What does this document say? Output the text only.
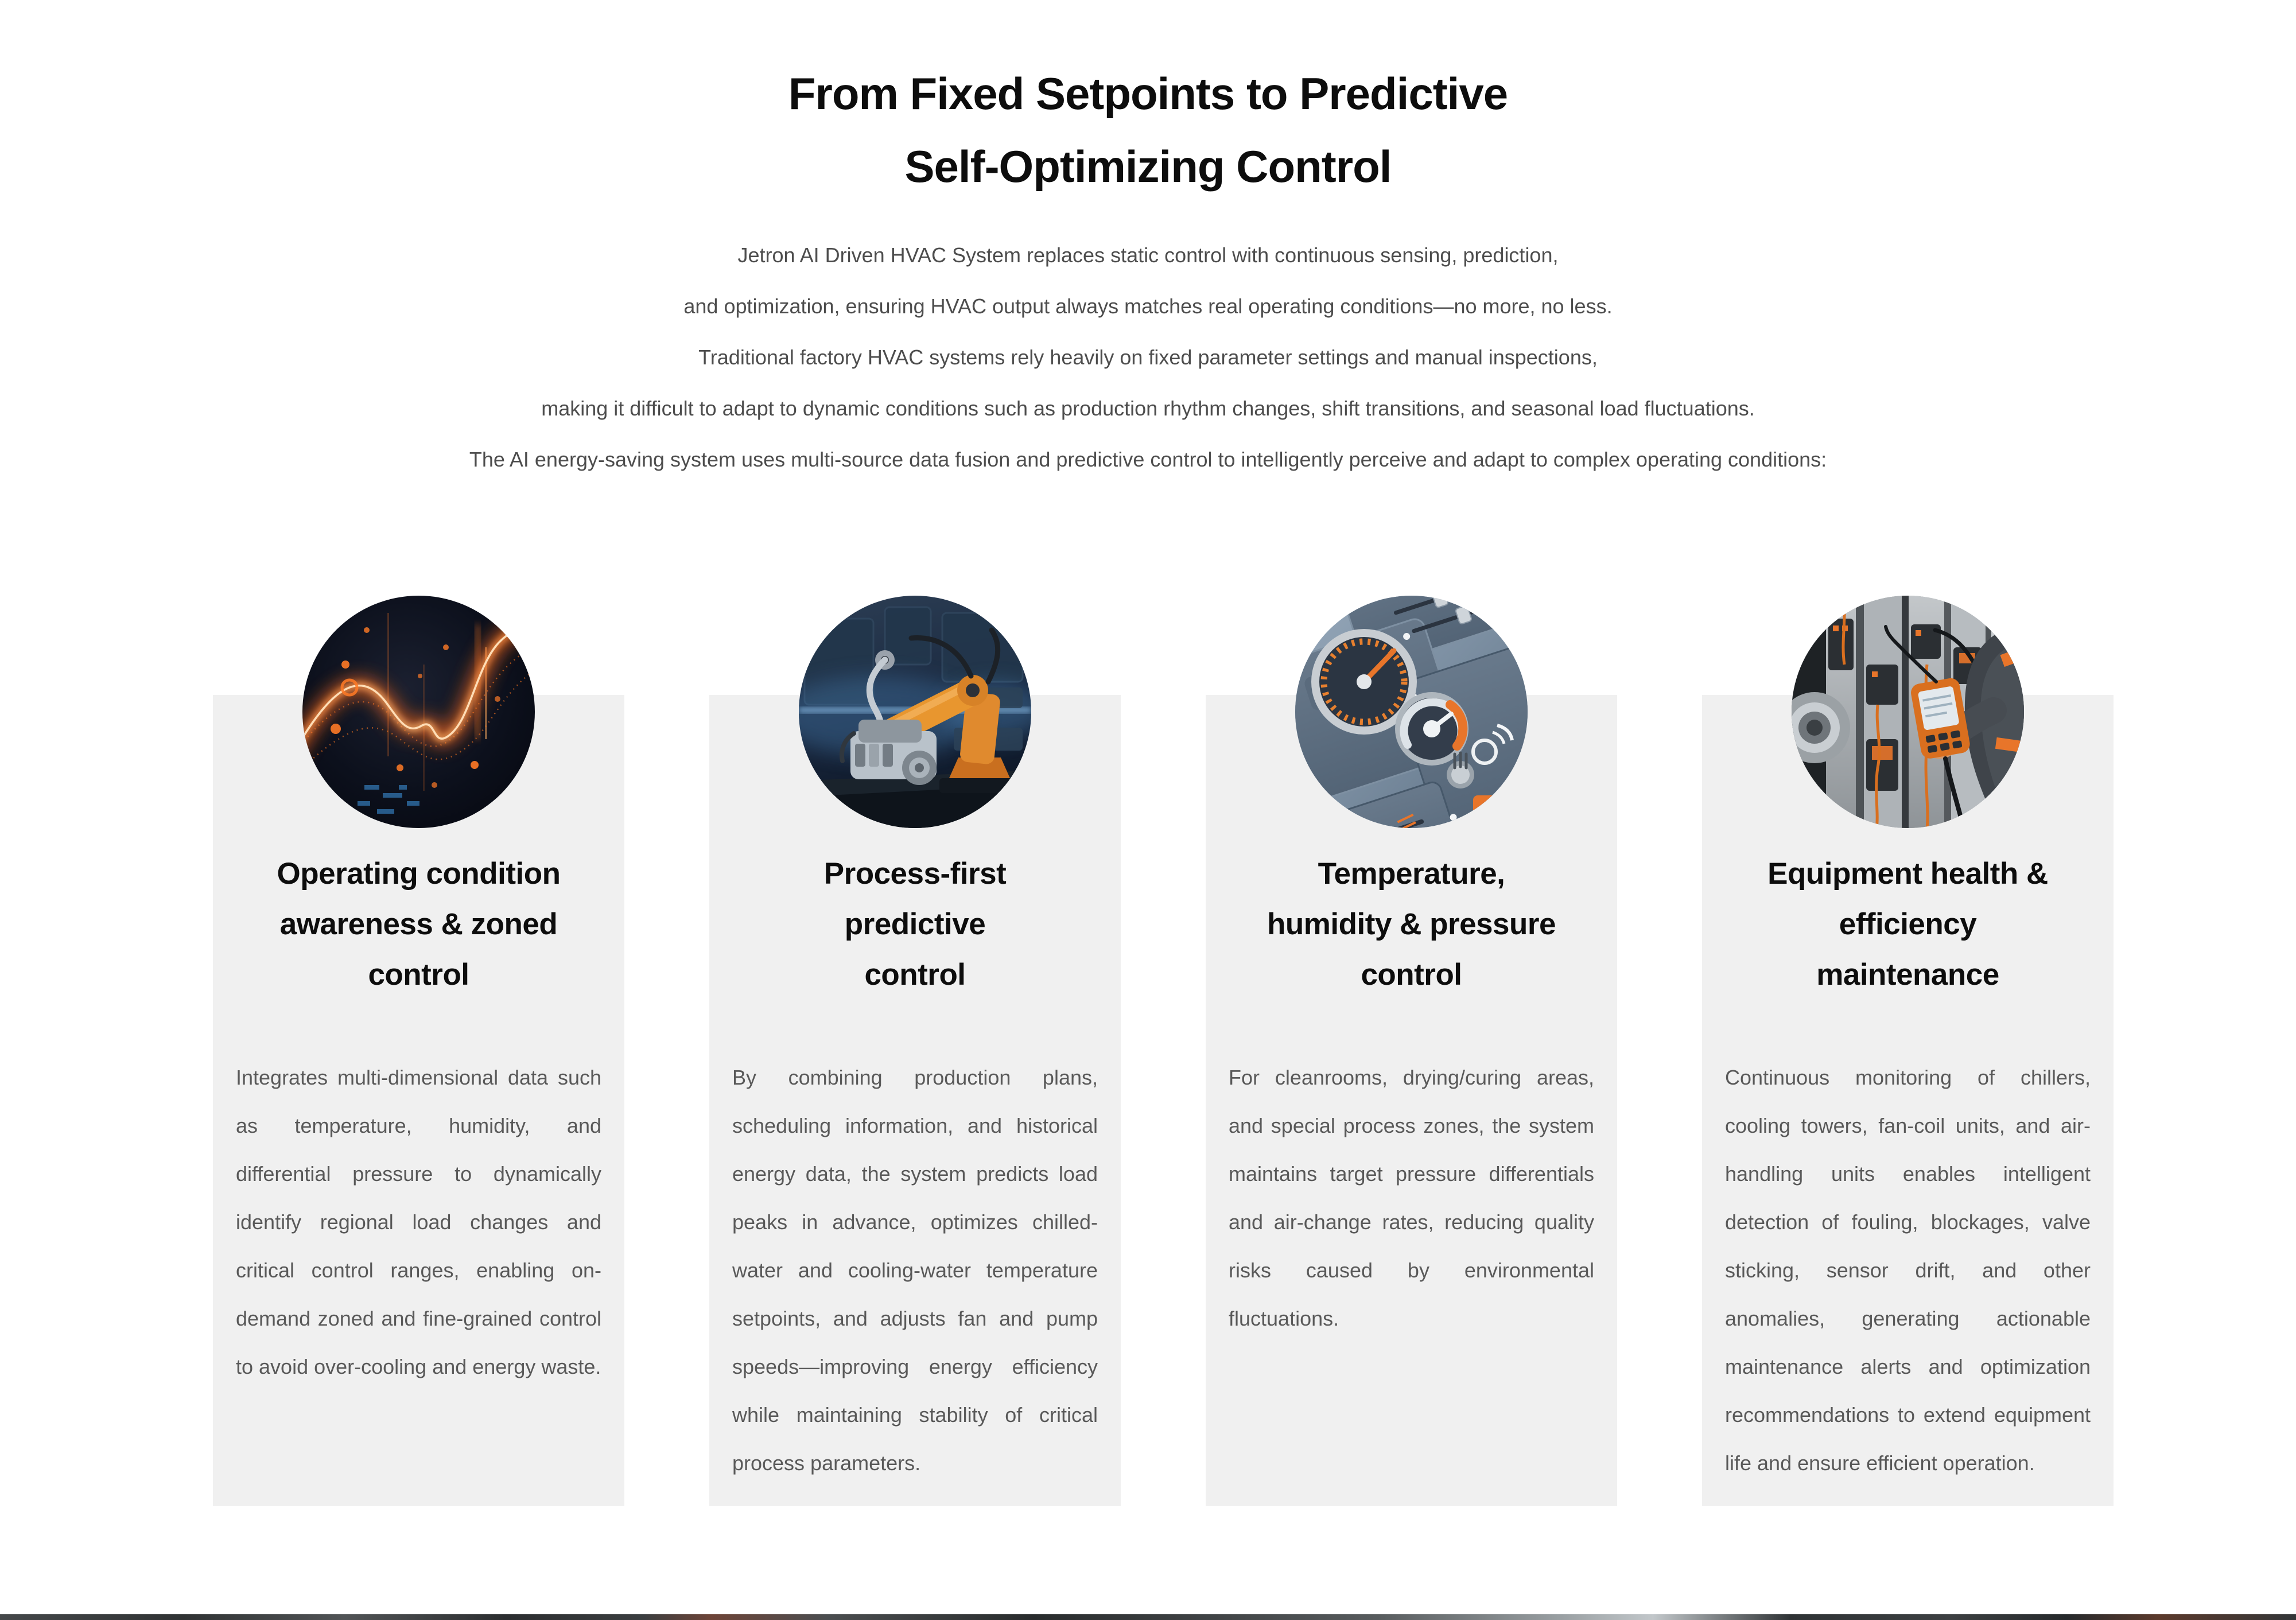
From Fixed Setpoints to Predictive
Self-Optimizing Control
Jetron AI Driven HVAC System replaces static control with continuous sensing, prediction,
and optimization, ensuring HVAC output always matches real operating conditions—no more, no less.
Traditional factory HVAC systems rely heavily on fixed parameter settings and manual inspections,
making it difficult to adapt to dynamic conditions such as production rhythm changes, shift transitions, and seasonal load fluctuations.
The AI energy-saving system uses multi-source data fusion and predictive control to intelligently perceive and adapt to complex operating conditions:
Operating condition
awareness & zoned
control

Integrates multi-dimensional data such as temperature, humidity, and differential pressure to dynamically identify regional load changes and critical control ranges, enabling on-demand zoned and fine-grained control to avoid over-cooling and energy waste.

Process-first
predictive
control

By combining production plans, scheduling information, and historical energy data, the system predicts load peaks in advance, optimizes chilled-water and cooling-water temperature setpoints, and adjusts fan and pump speeds—improving energy efficiency while maintaining stability of critical process parameters.

Temperature,
humidity & pressure
control

For cleanrooms, drying/curing areas, and special process zones, the system maintains target pressure differentials and air-change rates, reducing quality risks caused by environmental fluctuations.

Equipment health &
efficiency
maintenance

Continuous monitoring of chillers, cooling towers, fan-coil units, and air-handling units enables intelligent detection of fouling, blockages, valve sticking, sensor drift, and other anomalies, generating actionable maintenance alerts and optimization recommendations to extend equipment life and ensure efficient operation.
